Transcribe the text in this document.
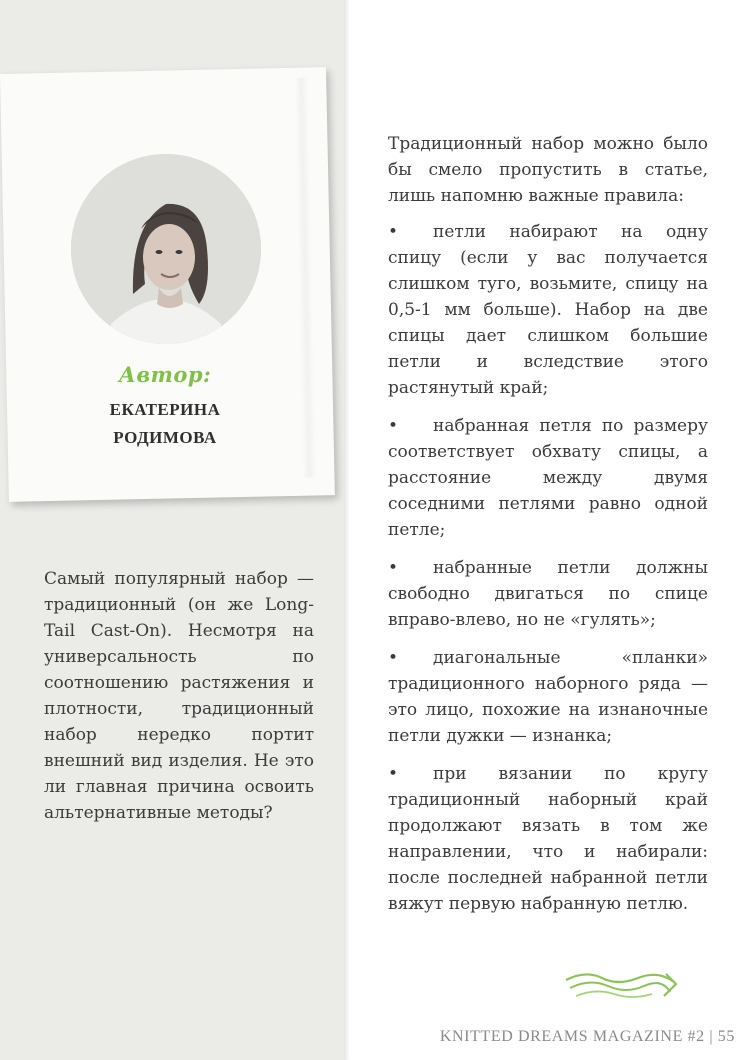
Автор:
ЕКАТЕРИНА
РОДИМОВА
Самый популярный набор — традиционный (он же Long-Tail Cast-On). Несмотря на универсальность по соотношению растяжения и плотности, традиционный набор нередко портит внешний вид изделия. Не это ли главная причина освоить альтернативные методы?

Традиционный набор можно было бы смело пропустить в статье, лишь напомню важные правила:

• петли набирают на одну спицу (если у вас получается слишком туго, возьмите, спицу на 0,5-1 мм больше). Набор на две спицы дает слишком большие петли и вследствие этого растянутый край;
• набранная петля по размеру соответствует обхвату спицы, а расстояние между двумя соседними петлями равно одной петле;
• набранные петли должны свободно двигаться по спице вправо-влево, но не «гулять»;
• диагональные «планки» традиционного наборного ряда — это лицо, похожие на изнаночные петли дужки — изнанка;
• при вязании по кругу традиционный наборный край продолжают вязать в том же направлении, что и набирали: после последней набранной петли вяжут первую набранную петлю.
KNITTED DREAMS MAGAZINE #2 | 55
